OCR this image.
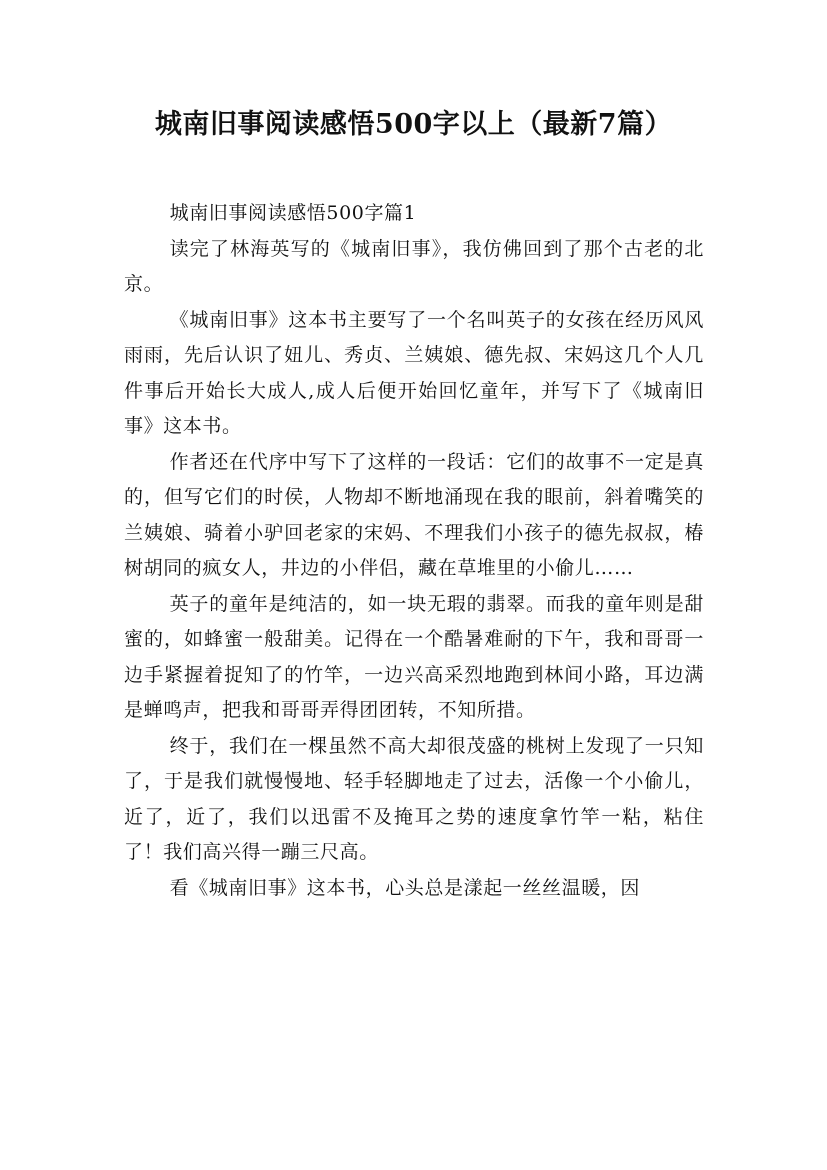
城南旧事阅读感悟500字以上（最新7篇）

城南旧事阅读感悟500字篇1

读完了林海英写的《城南旧事》，我仿佛回到了那个古老的北京。

《城南旧事》这本书主要写了一个名叫英子的女孩在经历风风雨雨，先后认识了妞儿、秀贞、兰姨娘、德先叔、宋妈这几个人几件事后开始长大成人,成人后便开始回忆童年，并写下了《城南旧事》这本书。

作者还在代序中写下了这样的一段话：它们的故事不一定是真的，但写它们的时侯，人物却不断地涌现在我的眼前，斜着嘴笑的兰姨娘、骑着小驴回老家的宋妈、不理我们小孩子的德先叔叔，椿树胡同的疯女人，井边的小伴侣，藏在草堆里的小偷儿……

英子的童年是纯洁的，如一块无瑕的翡翠。而我的童年则是甜蜜的，如蜂蜜一般甜美。记得在一个酷暑难耐的下午，我和哥哥一边手紧握着捉知了的竹竿，一边兴高采烈地跑到林间小路，耳边满是蝉鸣声，把我和哥哥弄得团团转，不知所措。

终于，我们在一棵虽然不高大却很茂盛的桃树上发现了一只知了，于是我们就慢慢地、轻手轻脚地走了过去，活像一个小偷儿，近了，近了，我们以迅雷不及掩耳之势的速度拿竹竿一粘，粘住了！我们高兴得一蹦三尺高。

看《城南旧事》这本书，心头总是漾起一丝丝温暖，因
